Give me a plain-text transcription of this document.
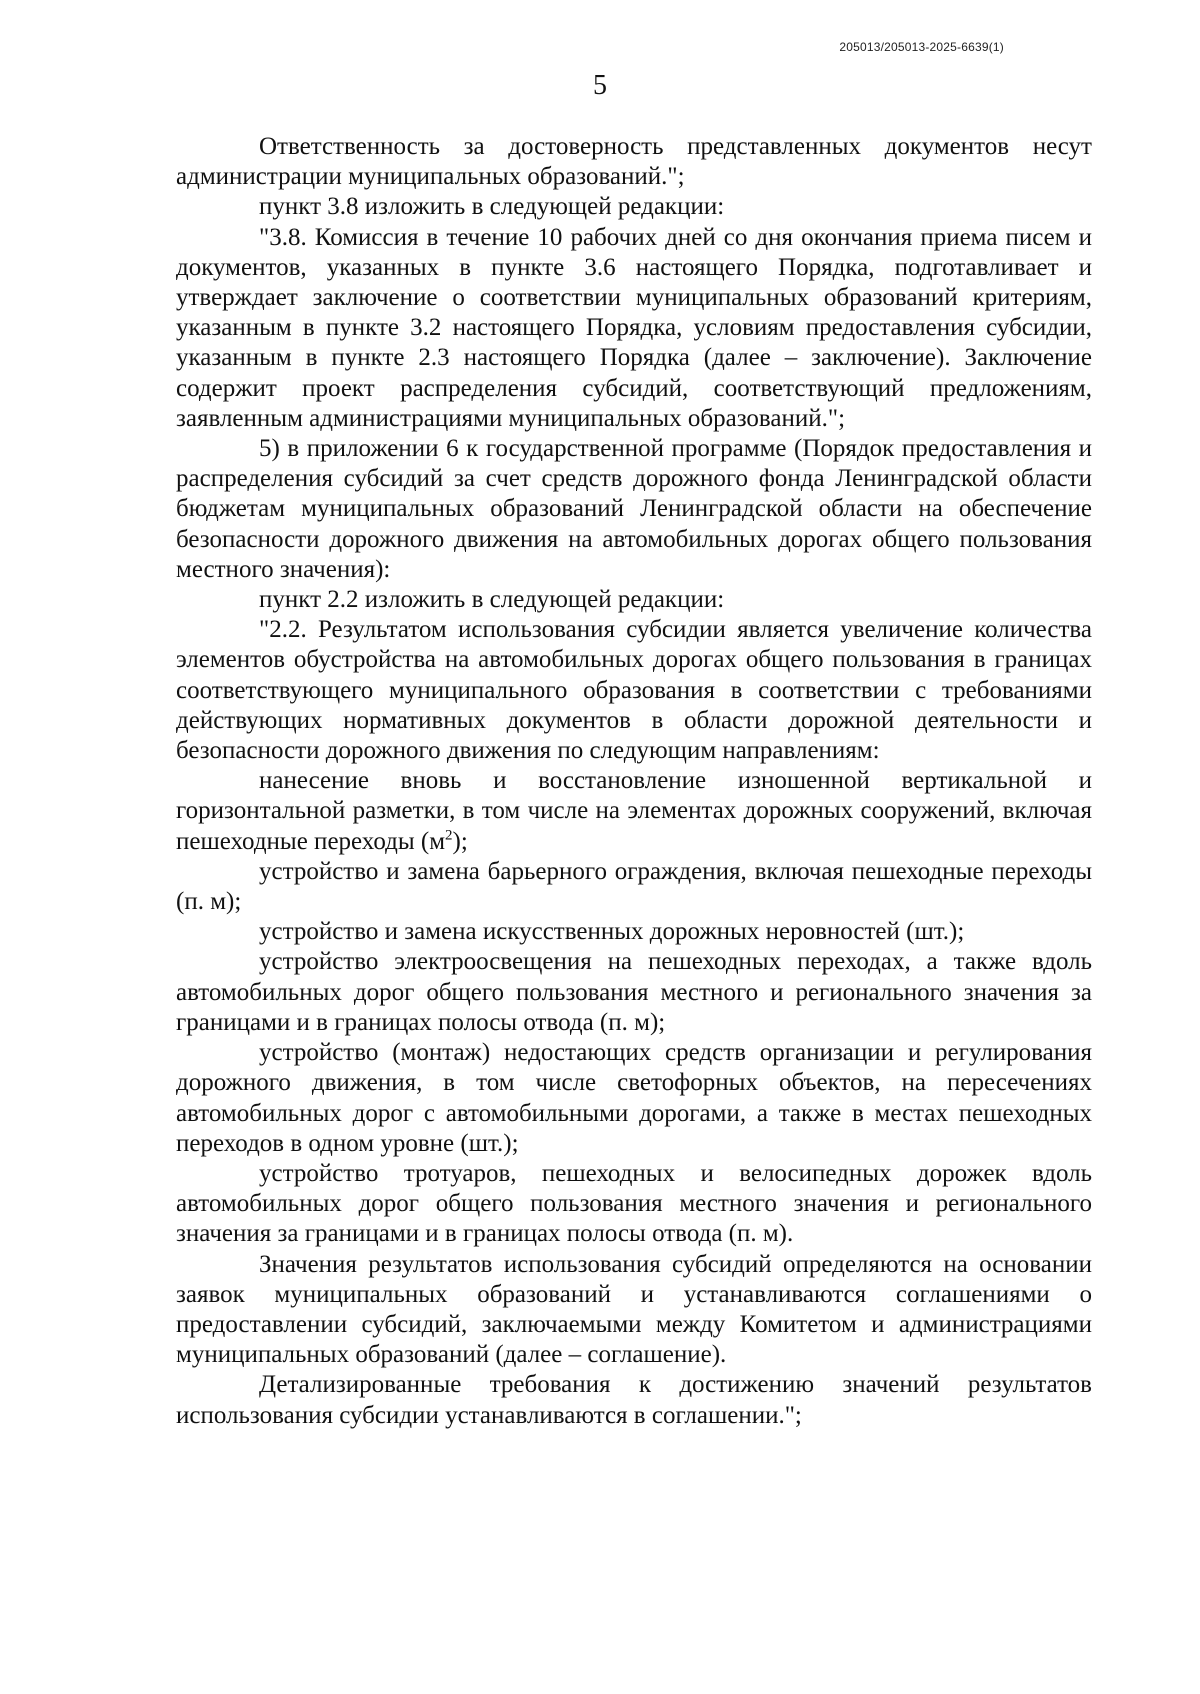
205013/205013-2025-6639(1)
5

Ответственность за достоверность представленных документов несут администрации муниципальных образований.";

пункт 3.8 изложить в следующей редакции:

"3.8. Комиссия в течение 10 рабочих дней со дня окончания приема писем и документов, указанных в пункте 3.6 настоящего Порядка, подготавливает и утверждает заключение о соответствии муниципальных образований критериям, указанным в пункте 3.2 настоящего Порядка, условиям предоставления субсидии, указанным в пункте 2.3 настоящего Порядка (далее – заключение). Заключение содержит проект распределения субсидий, соответствующий предложениям, заявленным администрациями муниципальных образований.";

5) в приложении 6 к государственной программе (Порядок предоставления и распределения субсидий за счет средств дорожного фонда Ленинградской области бюджетам муниципальных образований Ленинградской области на обеспечение безопасности дорожного движения на автомобильных дорогах общего пользования местного значения):

пункт 2.2 изложить в следующей редакции:

"2.2. Результатом использования субсидии является увеличение количества элементов обустройства на автомобильных дорогах общего пользования в границах соответствующего муниципального образования в соответствии с требованиями действующих нормативных документов в области дорожной деятельности и безопасности дорожного движения по следующим направлениям:

нанесение вновь и восстановление изношенной вертикальной и горизонтальной разметки, в том числе на элементах дорожных сооружений, включая пешеходные переходы $(м^2)$;

устройство и замена барьерного ограждения, включая пешеходные переходы (п. м);

устройство и замена искусственных дорожных неровностей (шт.);

устройство электроосвещения на пешеходных переходах, а также вдоль автомобильных дорог общего пользования местного и регионального значения за границами и в границах полосы отвода (п. м);

устройство (монтаж) недостающих средств организации и регулирования дорожного движения, в том числе светофорных объектов, на пересечениях автомобильных дорог с автомобильными дорогами, а также в местах пешеходных переходов в одном уровне (шт.);

устройство тротуаров, пешеходных и велосипедных дорожек вдоль автомобильных дорог общего пользования местного значения и регионального значения за границами и в границах полосы отвода (п. м).

Значения результатов использования субсидий определяются на основании заявок муниципальных образований и устанавливаются соглашениями о предоставлении субсидий, заключаемыми между Комитетом и администрациями муниципальных образований (далее – соглашение).

Детализированные требования к достижению значений результатов использования субсидии устанавливаются в соглашении.";
